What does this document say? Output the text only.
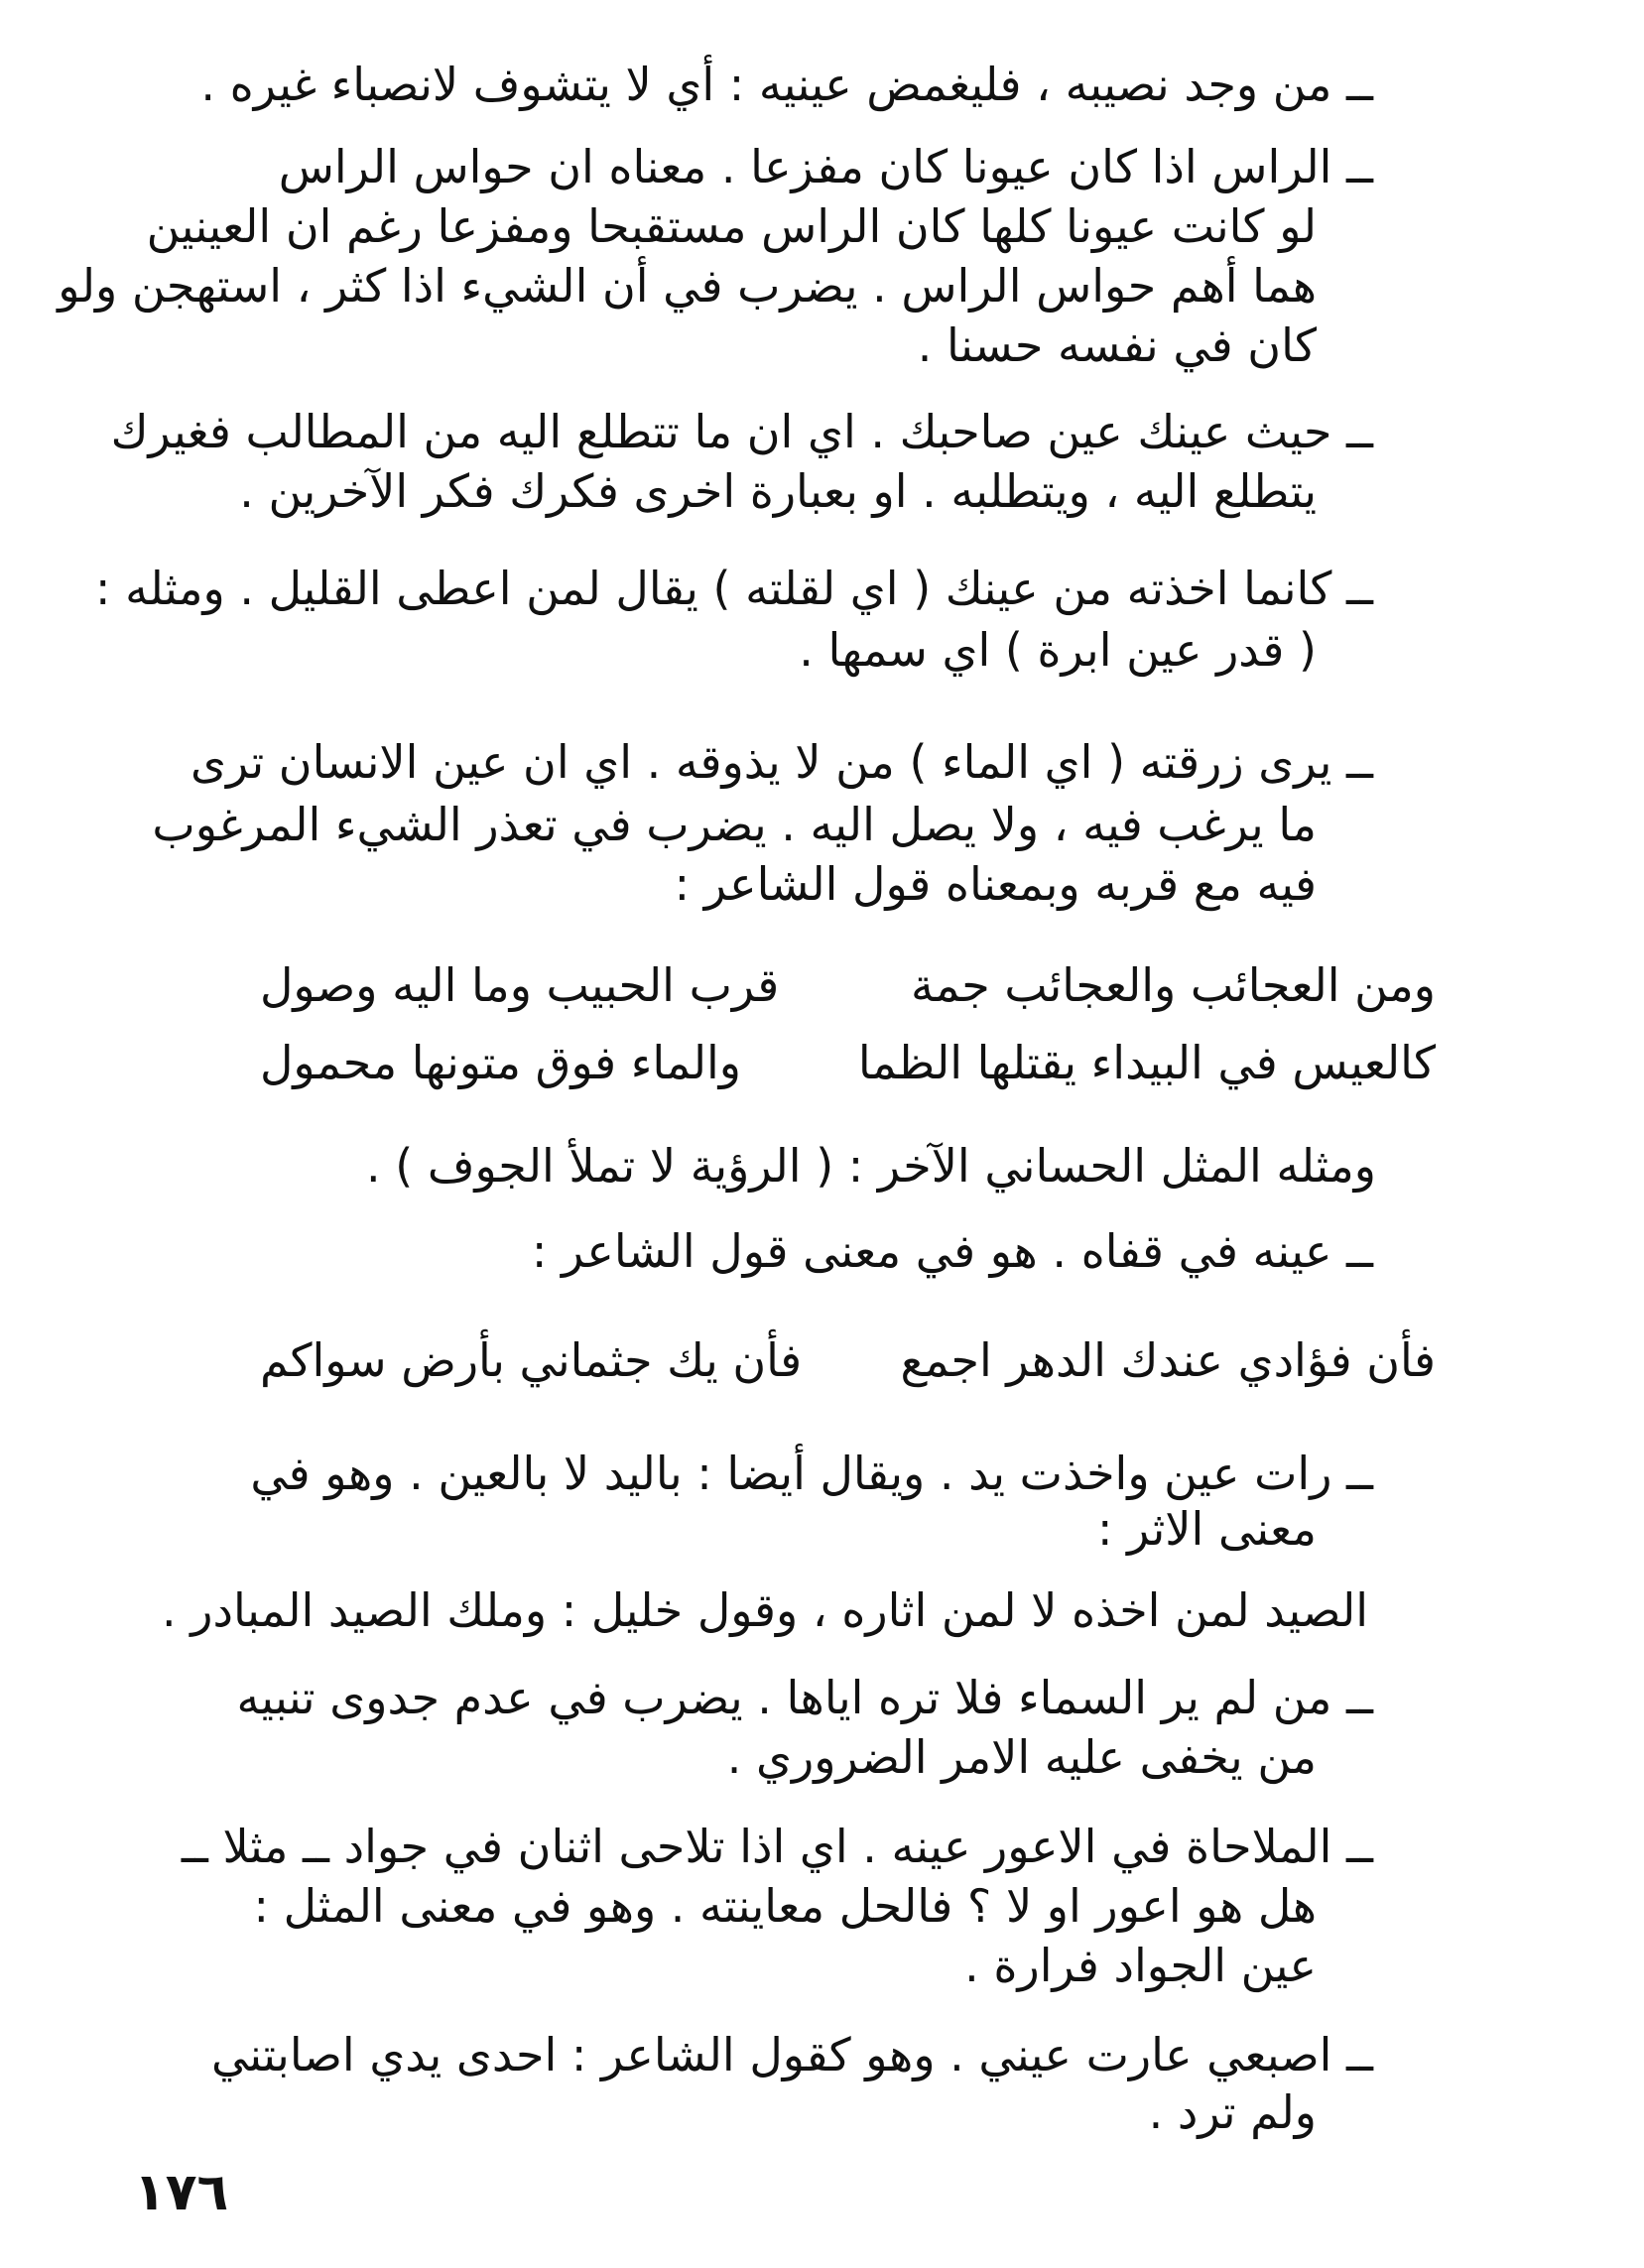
ــ من وجد نصيبه ، فليغمض عينيه : أي لا يتشوف لانصباء غيره .
ــ الراس اذا كان عيونا كان مفزعا . معناه ان حواس الراس
لو كانت عيونا كلها كان الراس مستقبحا ومفزعا رغم ان العينين
هما أهم حواس الراس . يضرب في أن الشيء اذا كثر ، استهجن ولو
كان في نفسه حسنا .
ــ حيث عينك عين صاحبك . اي ان ما تتطلع اليه من المطالب فغيرك
يتطلع اليه ، ويتطلبه . او بعبارة اخرى فكرك فكر الآخرين .
ــ كانما اخذته من عينك ( اي لقلته ) يقال لمن اعطى القليل . ومثله :
( قدر عين ابرة ) اي سمها .
ــ يرى زرقته ( اي الماء ) من لا يذوقه . اي ان عين الانسان ترى
ما يرغب فيه ، ولا يصل اليه . يضرب في تعذر الشيء المرغوب
فيه مع قربه وبمعناه قول الشاعر :
ومن العجائب والعجائب جمة
قرب الحبيب وما اليه وصول
كالعيس في البيداء يقتلها الظما
والماء فوق متونها محمول
ومثله المثل الحساني الآخر : ( الرؤية لا تملأ الجوف ) .
ــ عينه في قفاه . هو في معنى قول الشاعر :
فأن فؤادي عندك الدهر اجمع
فأن يك جثماني بأرض سواكم
ــ رات عين واخذت يد . ويقال أيضا : باليد لا بالعين . وهو في
معنى الاثر :
الصيد لمن اخذه لا لمن اثاره ، وقول خليل : وملك الصيد المبادر .
ــ من لم ير السماء فلا تره اياها . يضرب في عدم جدوى تنبيه
من يخفى عليه الامر الضروري .
ــ الملاحاة في الاعور عينه . اي اذا تلاحى اثنان في جواد ــ مثلا ــ
هل هو اعور او لا ؟ فالحل معاينته . وهو في معنى المثل :
عين الجواد فرارة .
ــ اصبعي عارت عيني . وهو كقول الشاعر : احدى يدي اصابتني
ولم ترد .
١٧٦
